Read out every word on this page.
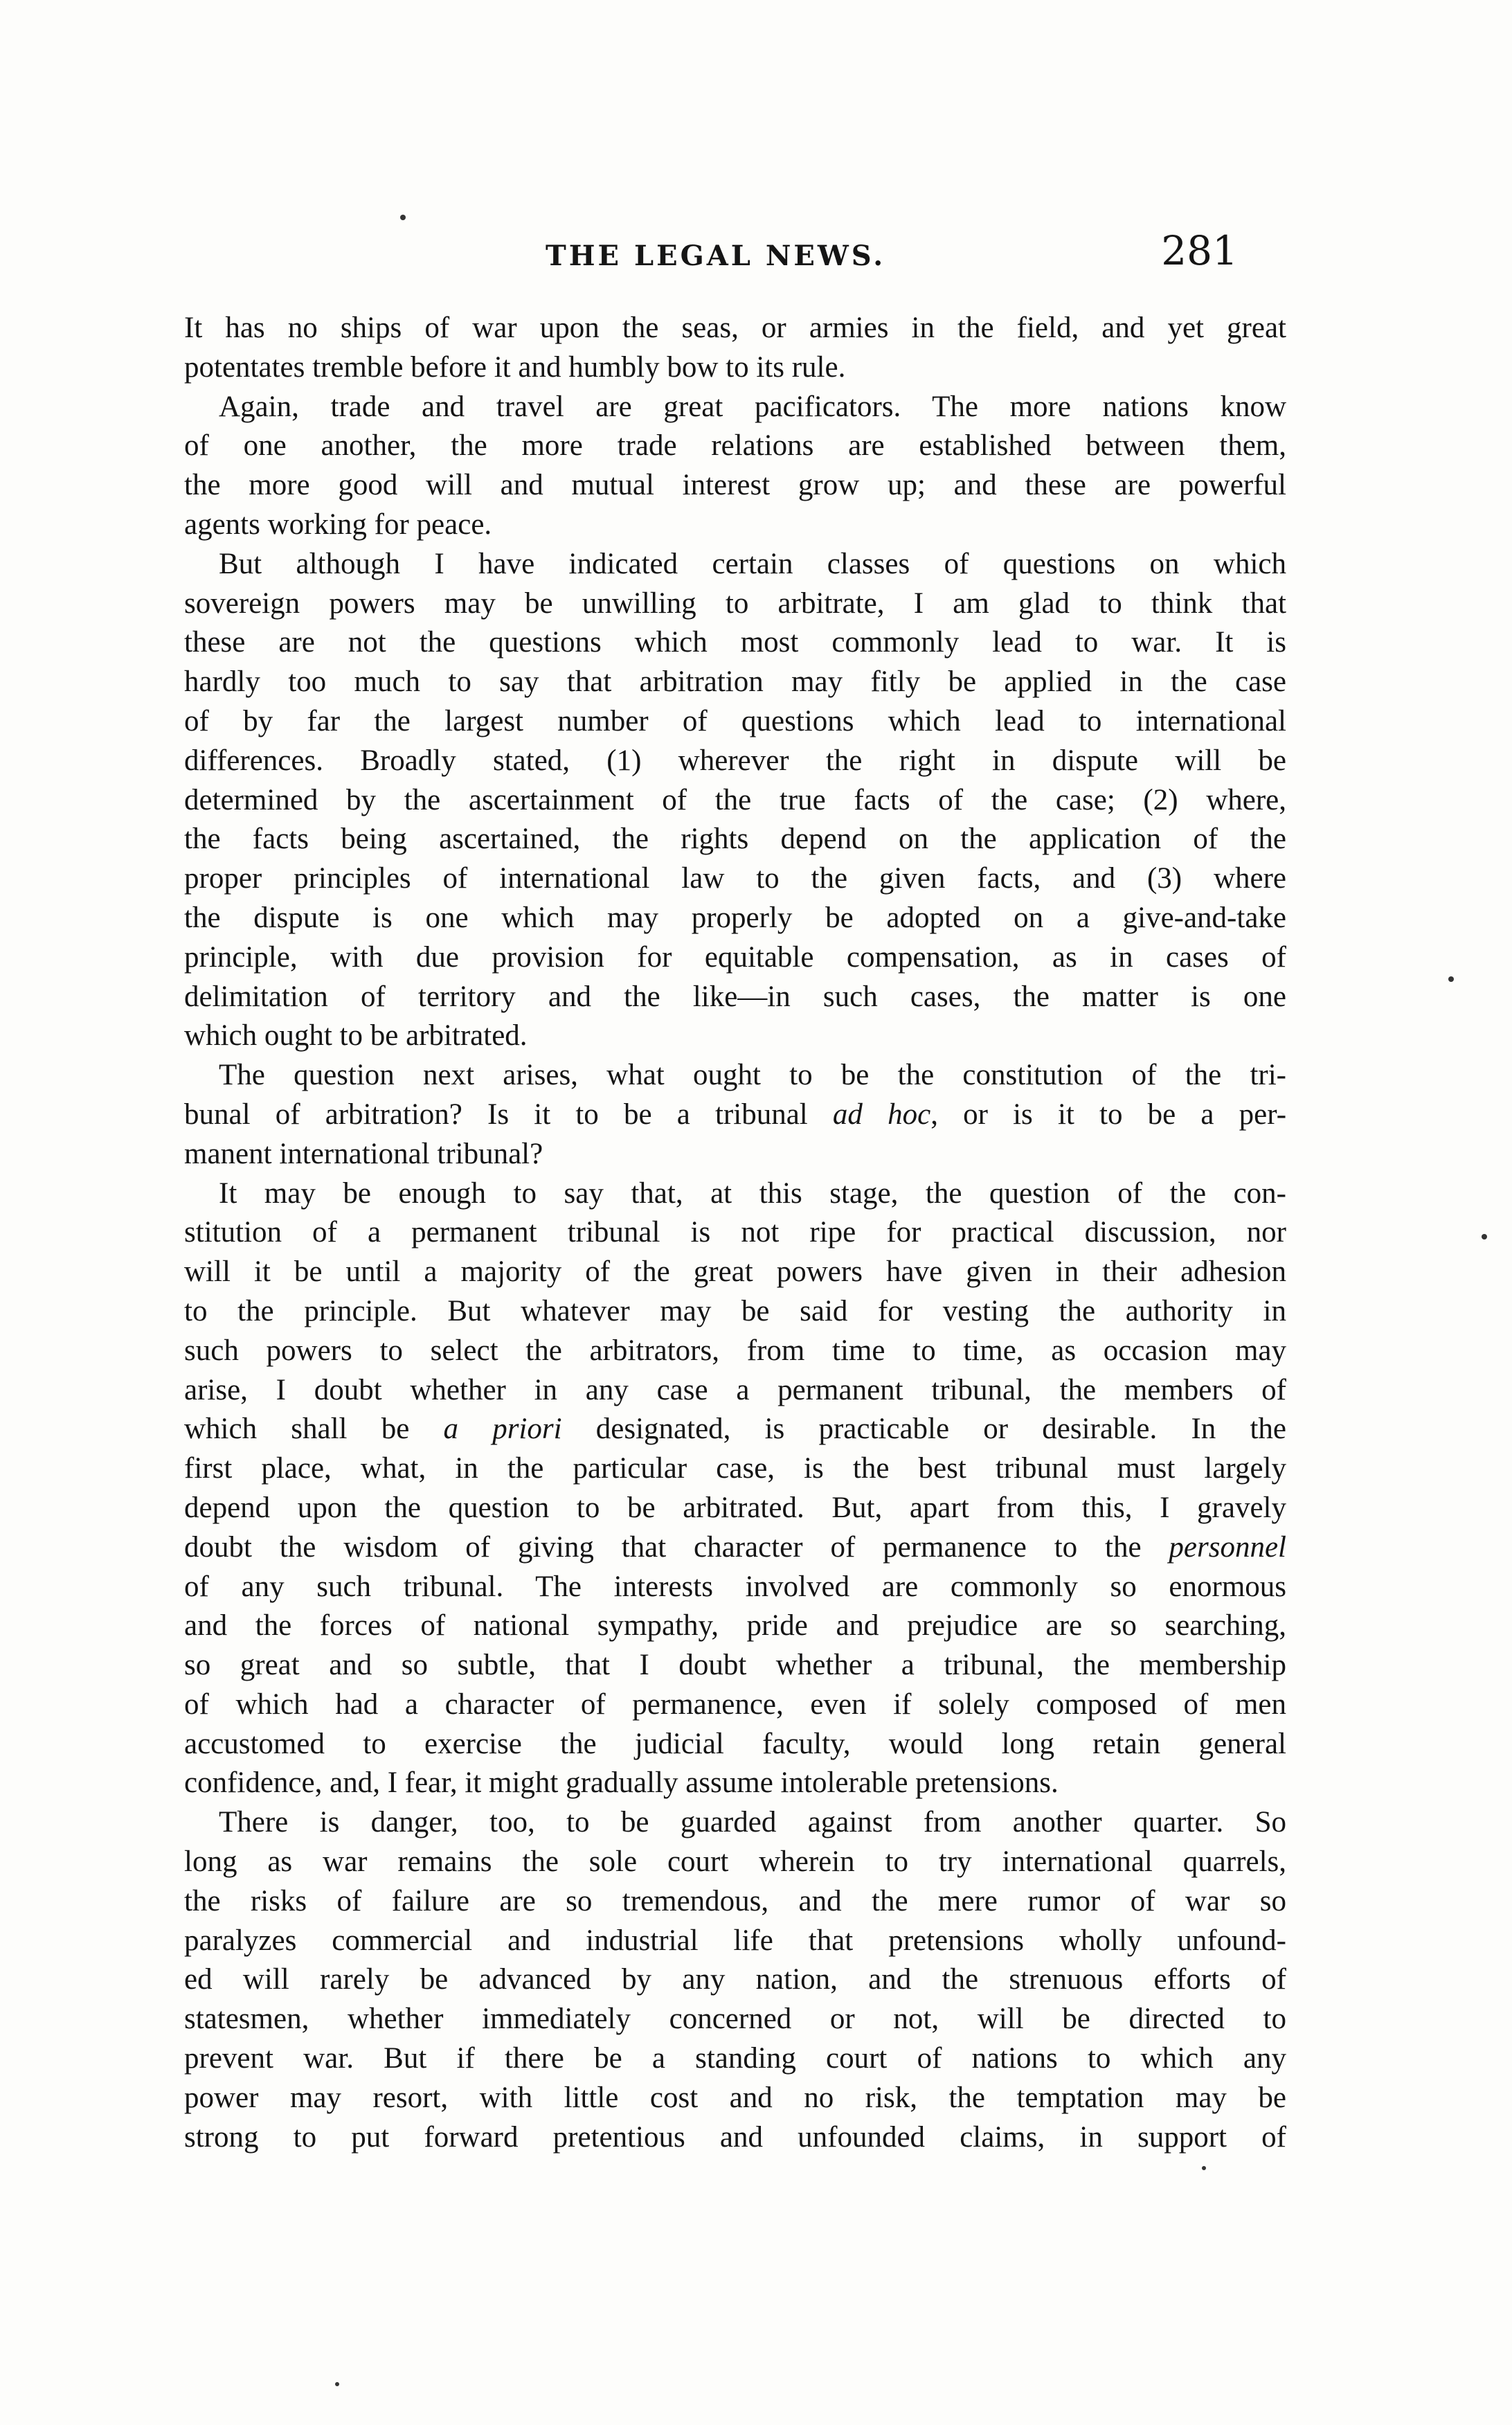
THE LEGAL NEWS.	281
It has no ships of war upon the seas, or armies in the field, and yet great
potentates tremble before it and humbly bow to its rule.
Again, trade and travel are great pacificators. The more nations know
of one another, the more trade relations are established between them,
the more good will and mutual interest grow up; and these are powerful
agents working for peace.
But although I have indicated certain classes of questions on which
sovereign powers may be unwilling to arbitrate, I am glad to think that
these are not the questions which most commonly lead to war. It is
hardly too much to say that arbitration may fitly be applied in the case
of by far the largest number of questions which lead to international
differences. Broadly stated, (1) wherever the right in dispute will be
determined by the ascertainment of the true facts of the case; (2) where,
the facts being ascertained, the rights depend on the application of the
proper principles of international law to the given facts, and (3) where
the dispute is one which may properly be adopted on a give-and-take
principle, with due provision for equitable compensation, as in cases of
delimitation of territory and the like—in such cases, the matter is one
which ought to be arbitrated.
The question next arises, what ought to be the constitution of the tri-
bunal of arbitration? Is it to be a tribunal ad hoc, or is it to be a per-
manent international tribunal?
It may be enough to say that, at this stage, the question of the con-
stitution of a permanent tribunal is not ripe for practical discussion, nor
will it be until a majority of the great powers have given in their adhesion
to the principle. But whatever may be said for vesting the authority in
such powers to select the arbitrators, from time to time, as occasion may
arise, I doubt whether in any case a permanent tribunal, the members of
which shall be a priori designated, is practicable or desirable. In the
first place, what, in the particular case, is the best tribunal must largely
depend upon the question to be arbitrated. But, apart from this, I gravely
doubt the wisdom of giving that character of permanence to the personnel
of any such tribunal. The interests involved are commonly so enormous
and the forces of national sympathy, pride and prejudice are so searching,
so great and so subtle, that I doubt whether a tribunal, the membership
of which had a character of permanence, even if solely composed of men
accustomed to exercise the judicial faculty, would long retain general
confidence, and, I fear, it might gradually assume intolerable pretensions.
There is danger, too, to be guarded against from another quarter. So
long as war remains the sole court wherein to try international quarrels,
the risks of failure are so tremendous, and the mere rumor of war so
paralyzes commercial and industrial life that pretensions wholly unfound-
ed will rarely be advanced by any nation, and the strenuous efforts of
statesmen, whether immediately concerned or not, will be directed to
prevent war. But if there be a standing court of nations to which any
power may resort, with little cost and no risk, the temptation may be
strong to put forward pretentious and unfounded claims, in support of
